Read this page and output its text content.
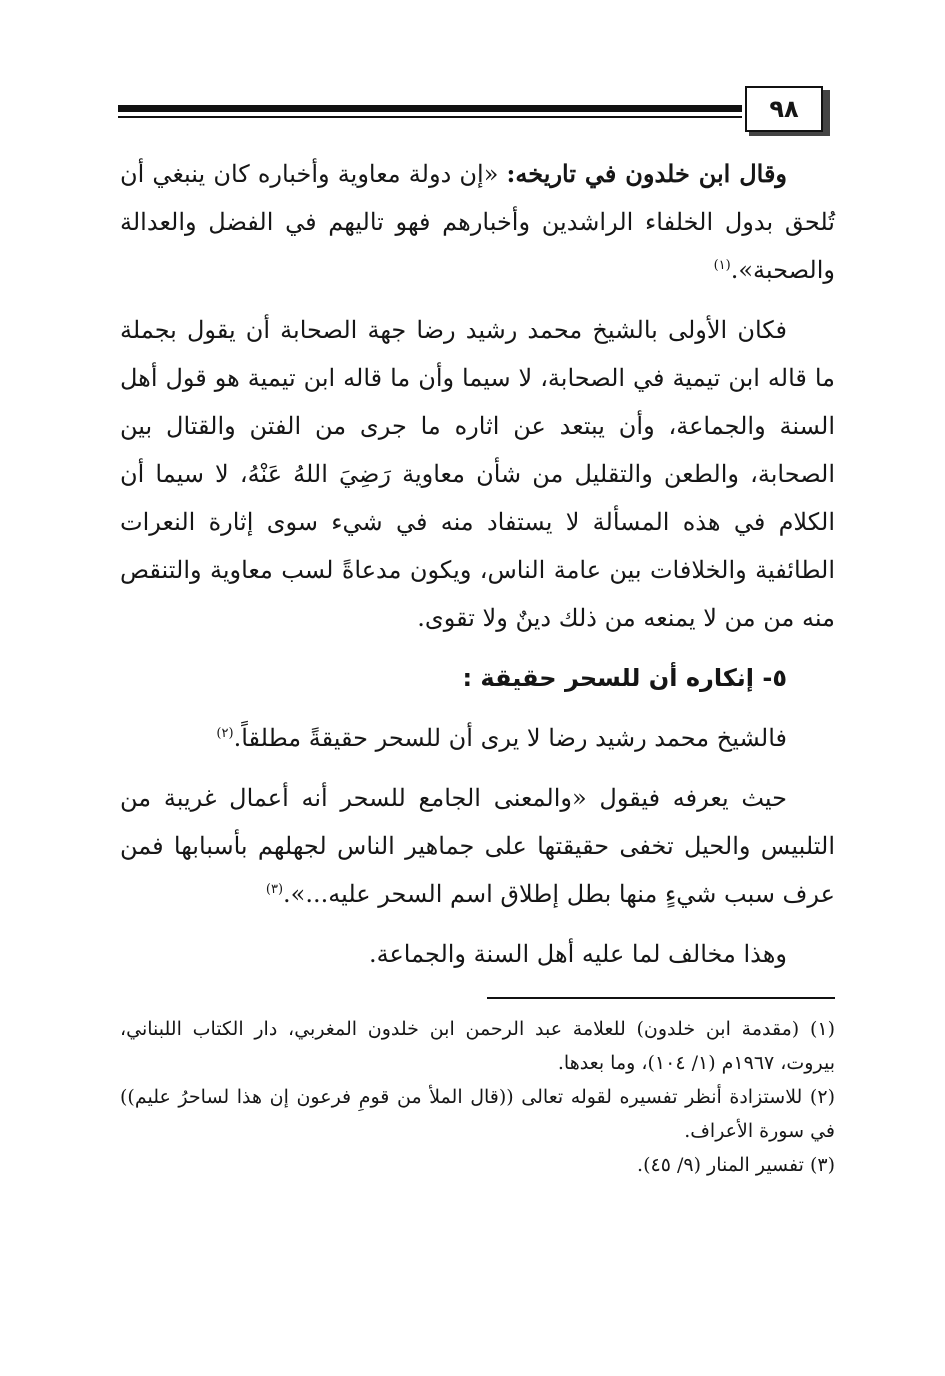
٩٨

وقال ابن خلدون في تاريخه: «إن دولة معاوية وأخباره كان ينبغي أن تُلحق بدول الخلفاء الراشدين وأخبارهم فهو تاليهم في الفضل والعدالة والصحبة».$^{(١)}$

فكان الأولى بالشيخ محمد رشيد رضا جهة الصحابة أن يقول بجملة ما قاله ابن تيمية في الصحابة، لا سيما وأن ما قاله ابن تيمية هو قول أهل السنة والجماعة، وأن يبتعد عن اثاره ما جرى من الفتن والقتال بين الصحابة، والطعن والتقليل من شأن معاوية رَضِيَ اللهُ عَنْهُ، لا سيما أن الكلام في هذه المسألة لا يستفاد منه في شيء سوى إثارة النعرات الطائفية والخلافات بين عامة الناس، ويكون مدعاةً لسب معاوية والتنقص منه من من لا يمنعه من ذلك دينٌ ولا تقوى.

٥- إنكاره أن للسحر حقيقة :

فالشيخ محمد رشيد رضا لا يرى أن للسحر حقيقةً مطلقاً.$^{(٢)}$

حيث يعرفه فيقول «والمعنى الجامع للسحر أنه أعمال غريبة من التلبيس والحيل تخفى حقيقتها على جماهير الناس لجهلهم بأسبابها فمن عرف سبب شيءٍ منها بطل إطلاق اسم السحر عليه...».$^{(٣)}$

وهذا مخالف لما عليه أهل السنة والجماعة.

(١) (مقدمة ابن خلدون) للعلامة عبد الرحمن ابن خلدون المغربي، دار الكتاب اللبناني، بيروت، ١٩٦٧م (١/ ١٠٤)، وما بعدها.

(٢) للاستزادة أنظر تفسيره لقوله تعالى ((قال الملأ من قومِ فرعون إن هذا لساحرُ عليم)) في سورة الأعراف.

(٣) تفسير المنار (٩/ ٤٥).
